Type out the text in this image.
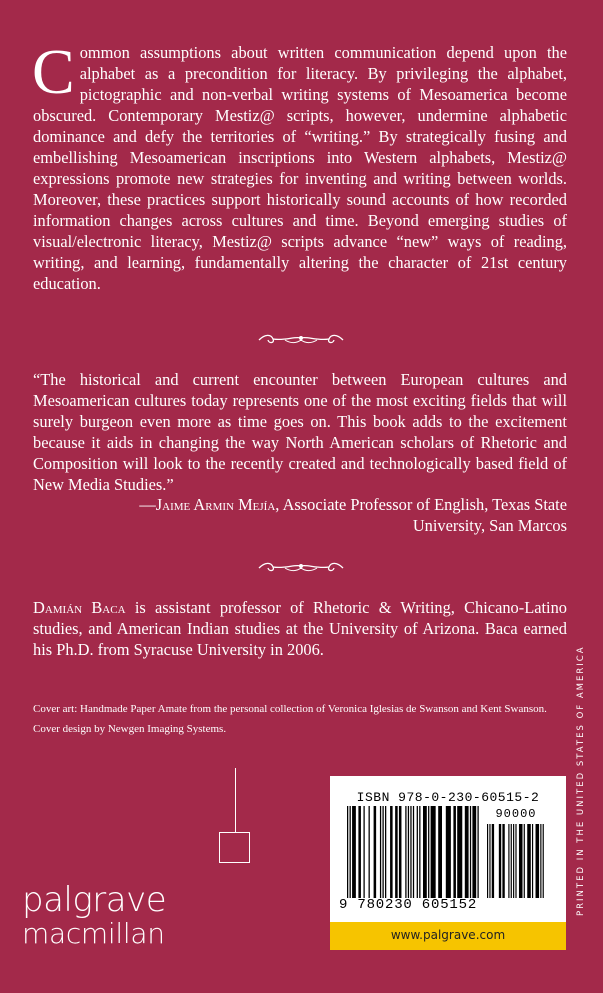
Common assumptions about written communication depend upon the alphabet as a precondition for literacy. By privileging the alphabet, pictographic and non-verbal writing systems of Mesoamerica become obscured. Contemporary Mestiz@ scripts, however, undermine alphabetic dominance and defy the territories of “writing.” By strategically fusing and embellishing Mesoamerican inscriptions into Western alphabets, Mestiz@ expressions promote new strategies for inventing and writing between worlds. Moreover, these practices support historically sound accounts of how recorded information changes across cultures and time. Beyond emerging studies of visual/electronic literacy, Mestiz@ scripts advance “new” ways of reading, writing, and learning, fundamentally altering the character of 21st century education.

“The historical and current encounter between European cultures and Mesoamerican cultures today represents one of the most exciting fields that will surely burgeon even more as time goes on. This book adds to the excitement because it aids in changing the way North American scholars of Rhetoric and Composition will look to the recently created and technologically based field of New Media Studies.”

—Jaime Armin Mejía, Associate Professor of English, Texas State
University, San Marcos

Damián Baca is assistant professor of Rhetoric & Writing, Chicano-Latino studies, and American Indian studies at the University of Arizona. Baca earned his Ph.D. from Syracuse University in 2006.

Cover art: Handmade Paper Amate from the personal collection of Veronica Iglesias de Swanson and Kent Swanson.

Cover design by Newgen Imaging Systems.

palgrave
macmillan
ISBN 978-0-230-60515-2
90000
9 780230 605152
www.palgrave.com
PRINTED IN THE UNITED STATES OF AMERICA
